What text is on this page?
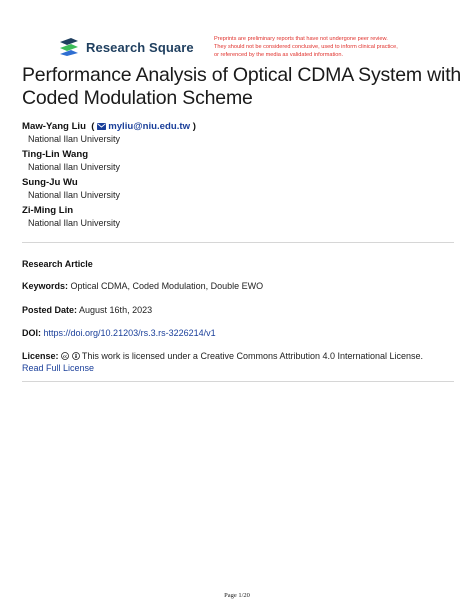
Research Square
Preprints are preliminary reports that have not undergone peer review.
They should not be considered conclusive, used to inform clinical practice,
or referenced by the media as validated information.
Performance Analysis of Optical CDMA System with Coded Modulation Scheme
Maw-Yang Liu  ( myliu@niu.edu.tw )
National Ilan University
Ting-Lin Wang
National Ilan University
Sung-Ju Wu
National Ilan University
Zi-Ming Lin
National Ilan University
Research Article
Keywords: Optical CDMA, Coded Modulation, Double EWO
Posted Date: August 16th, 2023
DOI: https://doi.org/10.21203/rs.3.rs-3226214/v1
License: cc This work is licensed under a Creative Commons Attribution 4.0 International License.
Read Full License
Page 1/20
